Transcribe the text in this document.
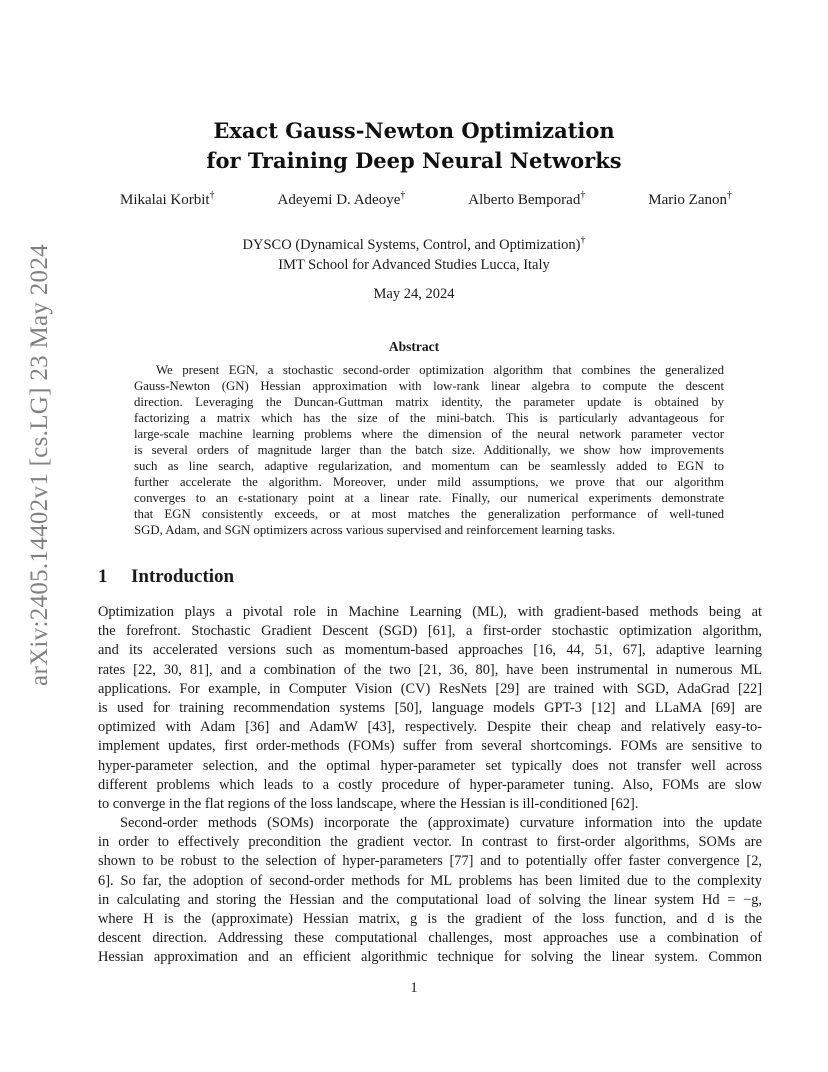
arXiv:2405.14402v1 [cs.LG] 23 May 2024
Exact Gauss-Newton Optimization
for Training Deep Neural Networks
Mikalai Korbit†	Adeyemi D. Adeoye†	Alberto Bemporad†	Mario Zanon†
DYSCO (Dynamical Systems, Control, and Optimization)†
IMT School for Advanced Studies Lucca, Italy
May 24, 2024
Abstract
We present EGN, a stochastic second-order optimization algorithm that combines the generalized
Gauss-Newton (GN) Hessian approximation with low-rank linear algebra to compute the descent
direction. Leveraging the Duncan-Guttman matrix identity, the parameter update is obtained by
factorizing a matrix which has the size of the mini-batch. This is particularly advantageous for
large-scale machine learning problems where the dimension of the neural network parameter vector
is several orders of magnitude larger than the batch size. Additionally, we show how improvements
such as line search, adaptive regularization, and momentum can be seamlessly added to EGN to
further accelerate the algorithm. Moreover, under mild assumptions, we prove that our algorithm
converges to an ϵ-stationary point at a linear rate. Finally, our numerical experiments demonstrate
that EGN consistently exceeds, or at most matches the generalization performance of well-tuned
SGD, Adam, and SGN optimizers across various supervised and reinforcement learning tasks.
1 Introduction
Optimization plays a pivotal role in Machine Learning (ML), with gradient-based methods being at
the forefront. Stochastic Gradient Descent (SGD) [61], a first-order stochastic optimization algorithm,
and its accelerated versions such as momentum-based approaches [16, 44, 51, 67], adaptive learning
rates [22, 30, 81], and a combination of the two [21, 36, 80], have been instrumental in numerous ML
applications. For example, in Computer Vision (CV) ResNets [29] are trained with SGD, AdaGrad [22]
is used for training recommendation systems [50], language models GPT-3 [12] and LLaMA [69] are
optimized with Adam [36] and AdamW [43], respectively. Despite their cheap and relatively easy-to-
implement updates, first order-methods (FOMs) suffer from several shortcomings. FOMs are sensitive to
hyper-parameter selection, and the optimal hyper-parameter set typically does not transfer well across
different problems which leads to a costly procedure of hyper-parameter tuning. Also, FOMs are slow
to converge in the flat regions of the loss landscape, where the Hessian is ill-conditioned [62].
Second-order methods (SOMs) incorporate the (approximate) curvature information into the update
in order to effectively precondition the gradient vector. In contrast to first-order algorithms, SOMs are
shown to be robust to the selection of hyper-parameters [77] and to potentially offer faster convergence [2,
6]. So far, the adoption of second-order methods for ML problems has been limited due to the complexity
in calculating and storing the Hessian and the computational load of solving the linear system Hd = −g,
where H is the (approximate) Hessian matrix, g is the gradient of the loss function, and d is the
descent direction. Addressing these computational challenges, most approaches use a combination of
Hessian approximation and an efficient algorithmic technique for solving the linear system. Common
1
